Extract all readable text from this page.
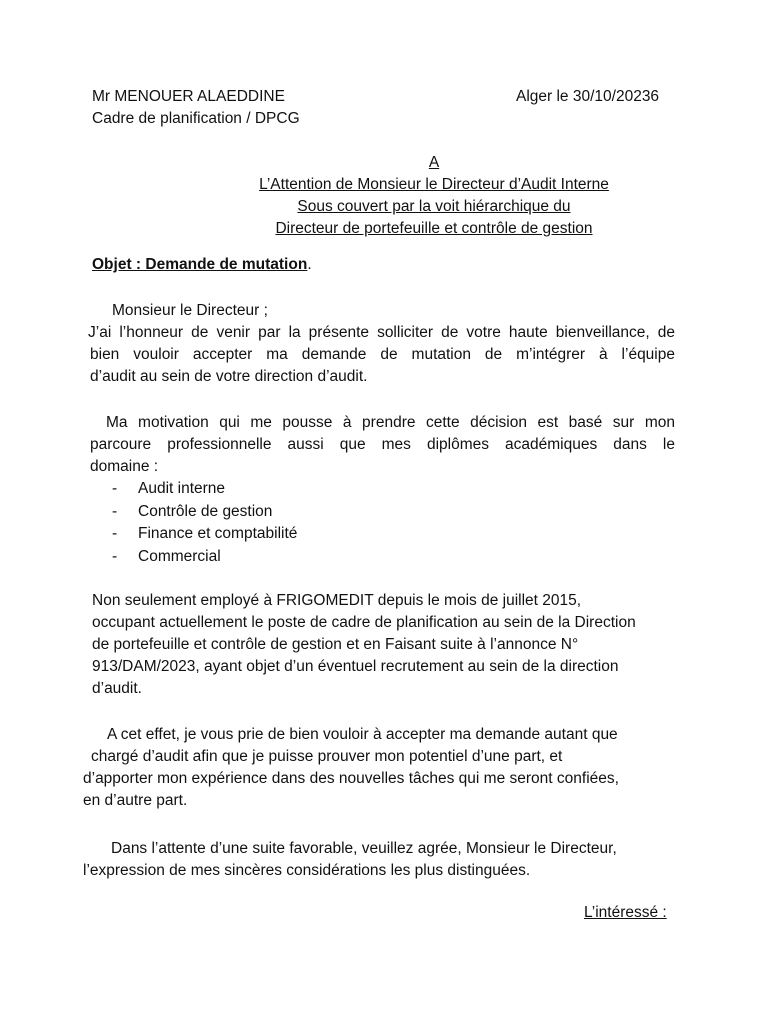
Mr MENOUER ALAEDDINE
Cadre de planification / DPCG
Alger le 30/10/20236
A
L’Attention de Monsieur le Directeur d’Audit Interne
Sous couvert par la voit hiérarchique du
Directeur de portefeuille et contrôle de gestion
Objet : Demande de mutation.
Monsieur le Directeur ;
J’ai l’honneur de venir par la présente solliciter de votre haute bienveillance, de
bien vouloir accepter ma demande de mutation de m’intégrer à l’équipe
d’audit au sein de votre direction d’audit.
Ma motivation qui me pousse à prendre cette décision est basé sur mon
parcoure professionnelle aussi que mes diplômes académiques dans le
domaine :
- Audit interne
- Contrôle de gestion
- Finance et comptabilité
- Commercial
Non seulement employé à FRIGOMEDIT depuis le mois de juillet 2015,
occupant actuellement le poste de cadre de planification au sein de la Direction
de portefeuille et contrôle de gestion et en Faisant suite à l’annonce N°
913/DAM/2023, ayant objet d’un éventuel recrutement au sein de la direction
d’audit.
A cet effet, je vous prie de bien vouloir à accepter ma demande autant que
chargé d’audit afin que je puisse prouver mon potentiel d’une part, et
d’apporter mon expérience dans des nouvelles tâches qui me seront confiées,
en d’autre part.
Dans l’attente d’une suite favorable, veuillez agrée, Monsieur le Directeur,
l’expression de mes sincères considérations les plus distinguées.
L’intéressé :
